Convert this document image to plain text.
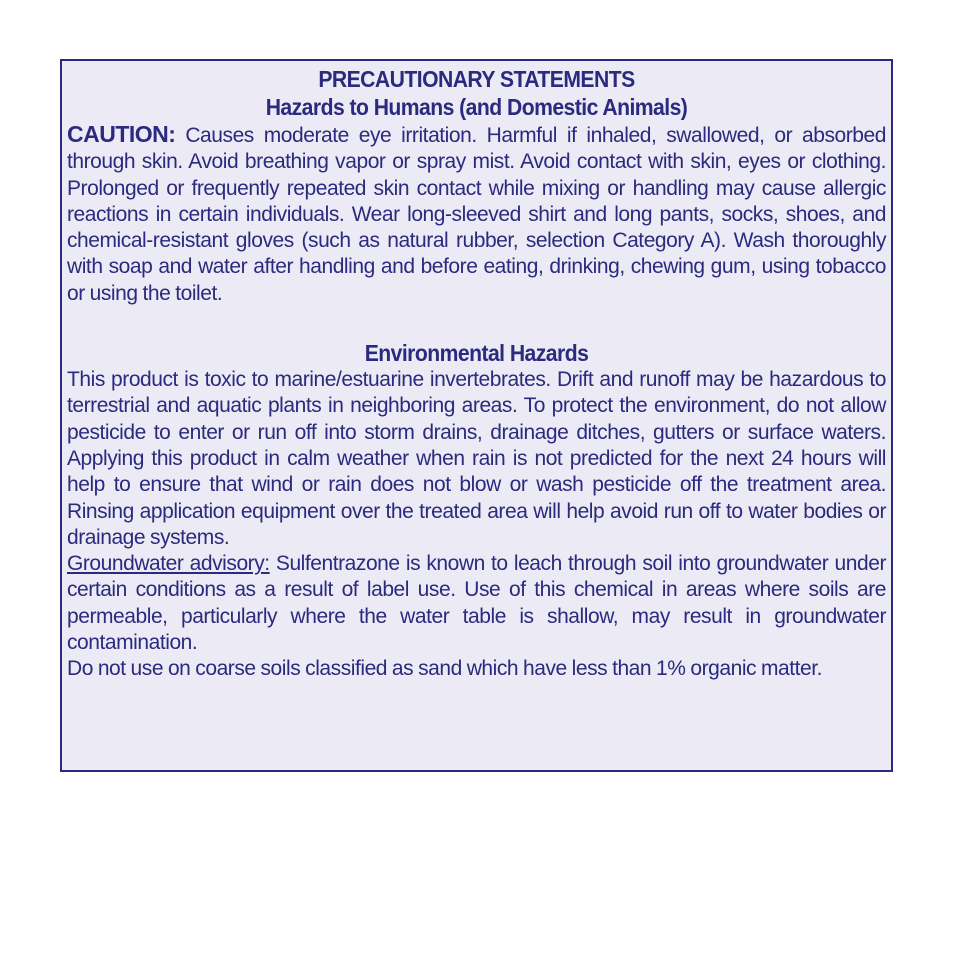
PRECAUTIONARY STATEMENTS

Hazards to Humans (and Domestic Animals)

CAUTION: Causes moderate eye irritation. Harmful if inhaled, swallowed, or absorbed through skin. Avoid breathing vapor or spray mist. Avoid contact with skin, eyes or clothing. Prolonged or frequently repeated skin contact while mixing or handling may cause allergic reactions in certain individuals. Wear long-sleeved shirt and long pants, socks, shoes, and chemical-resistant gloves (such as natural rubber, selection Category A). Wash thoroughly with soap and water after handling and before eating, drinking, chewing gum, using tobacco or using the toilet.

Environmental Hazards

This product is toxic to marine/estuarine invertebrates. Drift and runoff may be hazardous to terrestrial and aquatic plants in neighboring areas. To protect the environment, do not allow pesticide to enter or run off into storm drains, drainage ditches, gutters or surface waters. Applying this product in calm weather when rain is not predicted for the next 24 hours will help to ensure that wind or rain does not blow or wash pesticide off the treatment area. Rinsing application equipment over the treated area will help avoid run off to water bodies or drainage systems.

Groundwater advisory: Sulfentrazone is known to leach through soil into groundwater under certain conditions as a result of label use. Use of this chemical in areas where soils are permeable, particularly where the water table is shallow, may result in groundwater contamination.

Do not use on coarse soils classified as sand which have less than 1% organic matter.
